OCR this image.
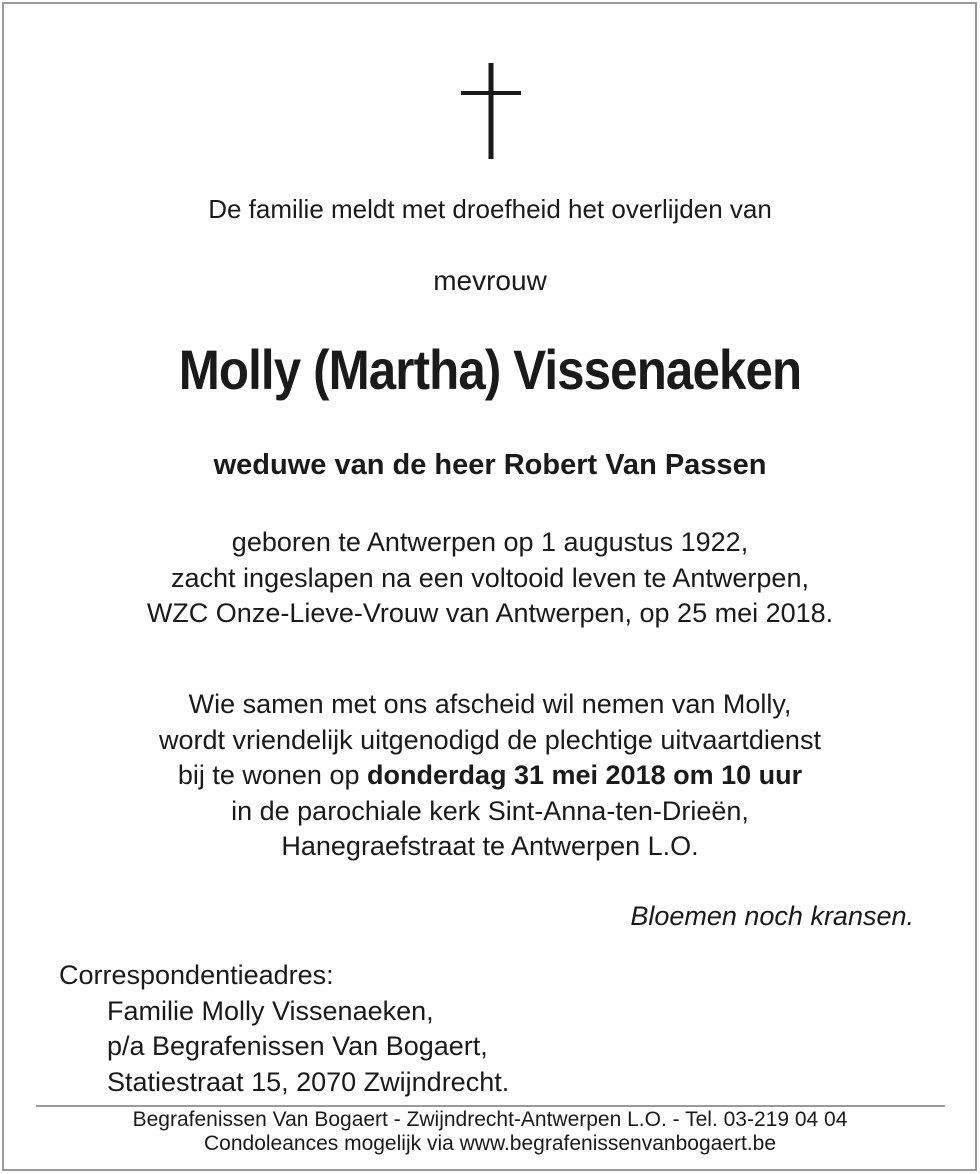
De familie meldt met droefheid het overlijden van
mevrouw
Molly (Martha) Vissenaeken
weduwe van de heer Robert Van Passen
geboren te Antwerpen op 1 augustus 1922,
zacht ingeslapen na een voltooid leven te Antwerpen,
WZC Onze-Lieve-Vrouw van Antwerpen, op 25 mei 2018.
Wie samen met ons afscheid wil nemen van Molly,
wordt vriendelijk uitgenodigd de plechtige uitvaartdienst
bij te wonen op donderdag 31 mei 2018 om 10 uur
in de parochiale kerk Sint-Anna-ten-Drieën,
Hanegraefstraat te Antwerpen L.O.
Bloemen noch kransen.
Correspondentieadres:
Familie Molly Vissenaeken,
p/a Begrafenissen Van Bogaert,
Statiestraat 15, 2070 Zwijndrecht.
Begrafenissen Van Bogaert - Zwijndrecht-Antwerpen L.O. - Tel. 03-219 04 04
Condoleances mogelijk via www.begrafenissenvanbogaert.be
